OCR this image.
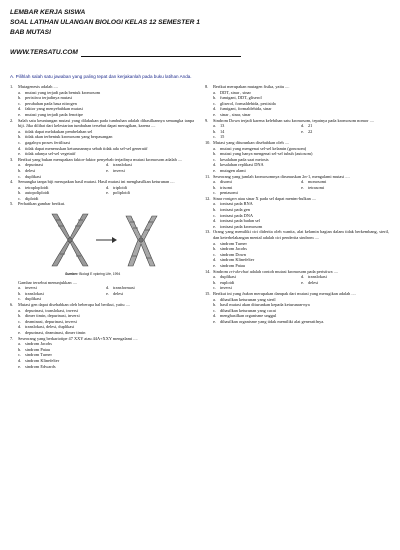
LEMBAR KERJA SISWA
SOAL LATIHAN ULANGAN BIOLOGI KELAS 12 SEMESTER 1
BAB MUTASI
WWW.TERSATU.COM
A. Pilihlah salah satu jawaban yang paling tepat dan kerjakanlah pada buku latihan Anda.
1.	Mutagenesis adalah ....
a. mutasi yang terjadi pada bentuk kromosom
b. peristiwa terjadinya mutasi
c. perubahan pada basa nitrogen
d. faktor yang menyebabkan mutasi
e. mutasi yang terjadi pada fenotipe
2.	Salah satu keuntungan mutasi yang dilakukan pada tumbuhan adalah dihasilkannya semangka tanpa biji. Jika dilihat dari kelestarian tumbuhan tersebut dapat merugikan, karena ....
a. tidak dapat melakukan pembelahan sel
b. tidak akan terbentuk kromosom yang berpasangan
c. gagalnya proses fertilisasi
d. tidak dapat meneruskan keturunannya sebab tidak ada sel-sel generatif
e. tidak adanya sel-sel vegetatif
3.	Berikut yang bukan merupakan faktor-faktor penyebab terjadinya mutasi kromosom adalah ....
a. depurinasi	d. translokasi
b. delesi	e. inversi
c. duplikasi
4.	Semangka tanpa biji merupakan hasil mutasi. Hasil mutasi ini menghasilkan keturunan ....
a. tetraploploidi	d. triploidi
b. autopoliploidi	e. poliploidi
c. diploidi
5.	Perhatikan gambar berikut.
Sumber: Biologi E xploring Life, 1994
Gambar tersebut menunjukkan ....
a. inversi	d. transformasi
b. translokasi	e. delesi
c. duplikasi
6.	Mutasi gen dapat disebabkan oleh beberapa hal berikut, yaitu ....
a. depurinasi, translokasi, inversi
b. dimer timin, depurinasi, inversi
c. deaminasi, depurinasi, inversi
d. translokasi, delesi, duplikasi
e. depurinasi, deaminasi, dimer timin
7.	Seseorang yang berkariotipe 47 XXY atau 44A+XXY mengalami ....
a. sindrom Jacobs
b. sindrom Patau
c. sindrom Turner
d. sindrom Klinefelter
e. sindrom Edwards
8.	Berikut merupakan mutagen fisika, yaitu ....
a. DDT, sinar , sinar
b. fumigant, DDT, gliserol
c. gliserol, formaldehida, pestisida
d. fumigant, formaldehida, sinar
e. sinar , sinar, sinar
9.	Sindrom Down terjadi karena kelebihan satu kromosom, tepatnya pada kromosom nomor ....
a. 13	d. 21
b. 14	e. 22
c. 15
10. Mutasi yang diturunkan disebabkan oleh ....
a. mutasi yang mengenai sel-sel kelamin (gonosom)
b. mutasi yang hanya mengenai sel-sel tubuh (autosom)
c. kesalahan pada saat meiosis
d. kesalahan replikasi DNA
e. mutagen alami
11. Seseorang yang jumlah kromosomnya dirumuskan 2n-1, mengalami mutasi ....
a. disomi	d. monosomi
b. trisomi	e. tetrasomi
c. pentasomi
12. Sinar rontgen atau sinar X pada sel dapat menim-bulkan ....
a. ionisasi pada RNA
b. ionisasi pada gen
c. ionisasi pada DNA
d. ionisasi pada badan sel
e. ionisasi pada kromosom
13. Orang yang memiliki ciri diderita oleh wanita, alat kelamin bagian dalam tidak berkembang, steril, dan keterbelakangan mental adalah ciri penderita sindrom ....
a. sindrom Turner
b. sindrom Jacobs
c. sindrom Down
d. sindrom Klinefelter
e. sindrom Patau
14. Sindrom cri-du-chat adalah contoh mutasi kromosom pada peristiwa ....
a. duplikasi	d. translokasi
b. euploidi	e. delesi
c. inversi
15. Berikut ini yang bukan merupakan dampak dari mutasi yang merugikan adalah ....
a. dihasilkan keturunan yang steril
b. hasil mutasi akan diturunkan kepada keturunan-nya
c. dihasilkan keturunan yang cacat
d. menghasilkan organisme unggul
e. dihasilkan organisme yang tidak memiliki alat generatifnya.
